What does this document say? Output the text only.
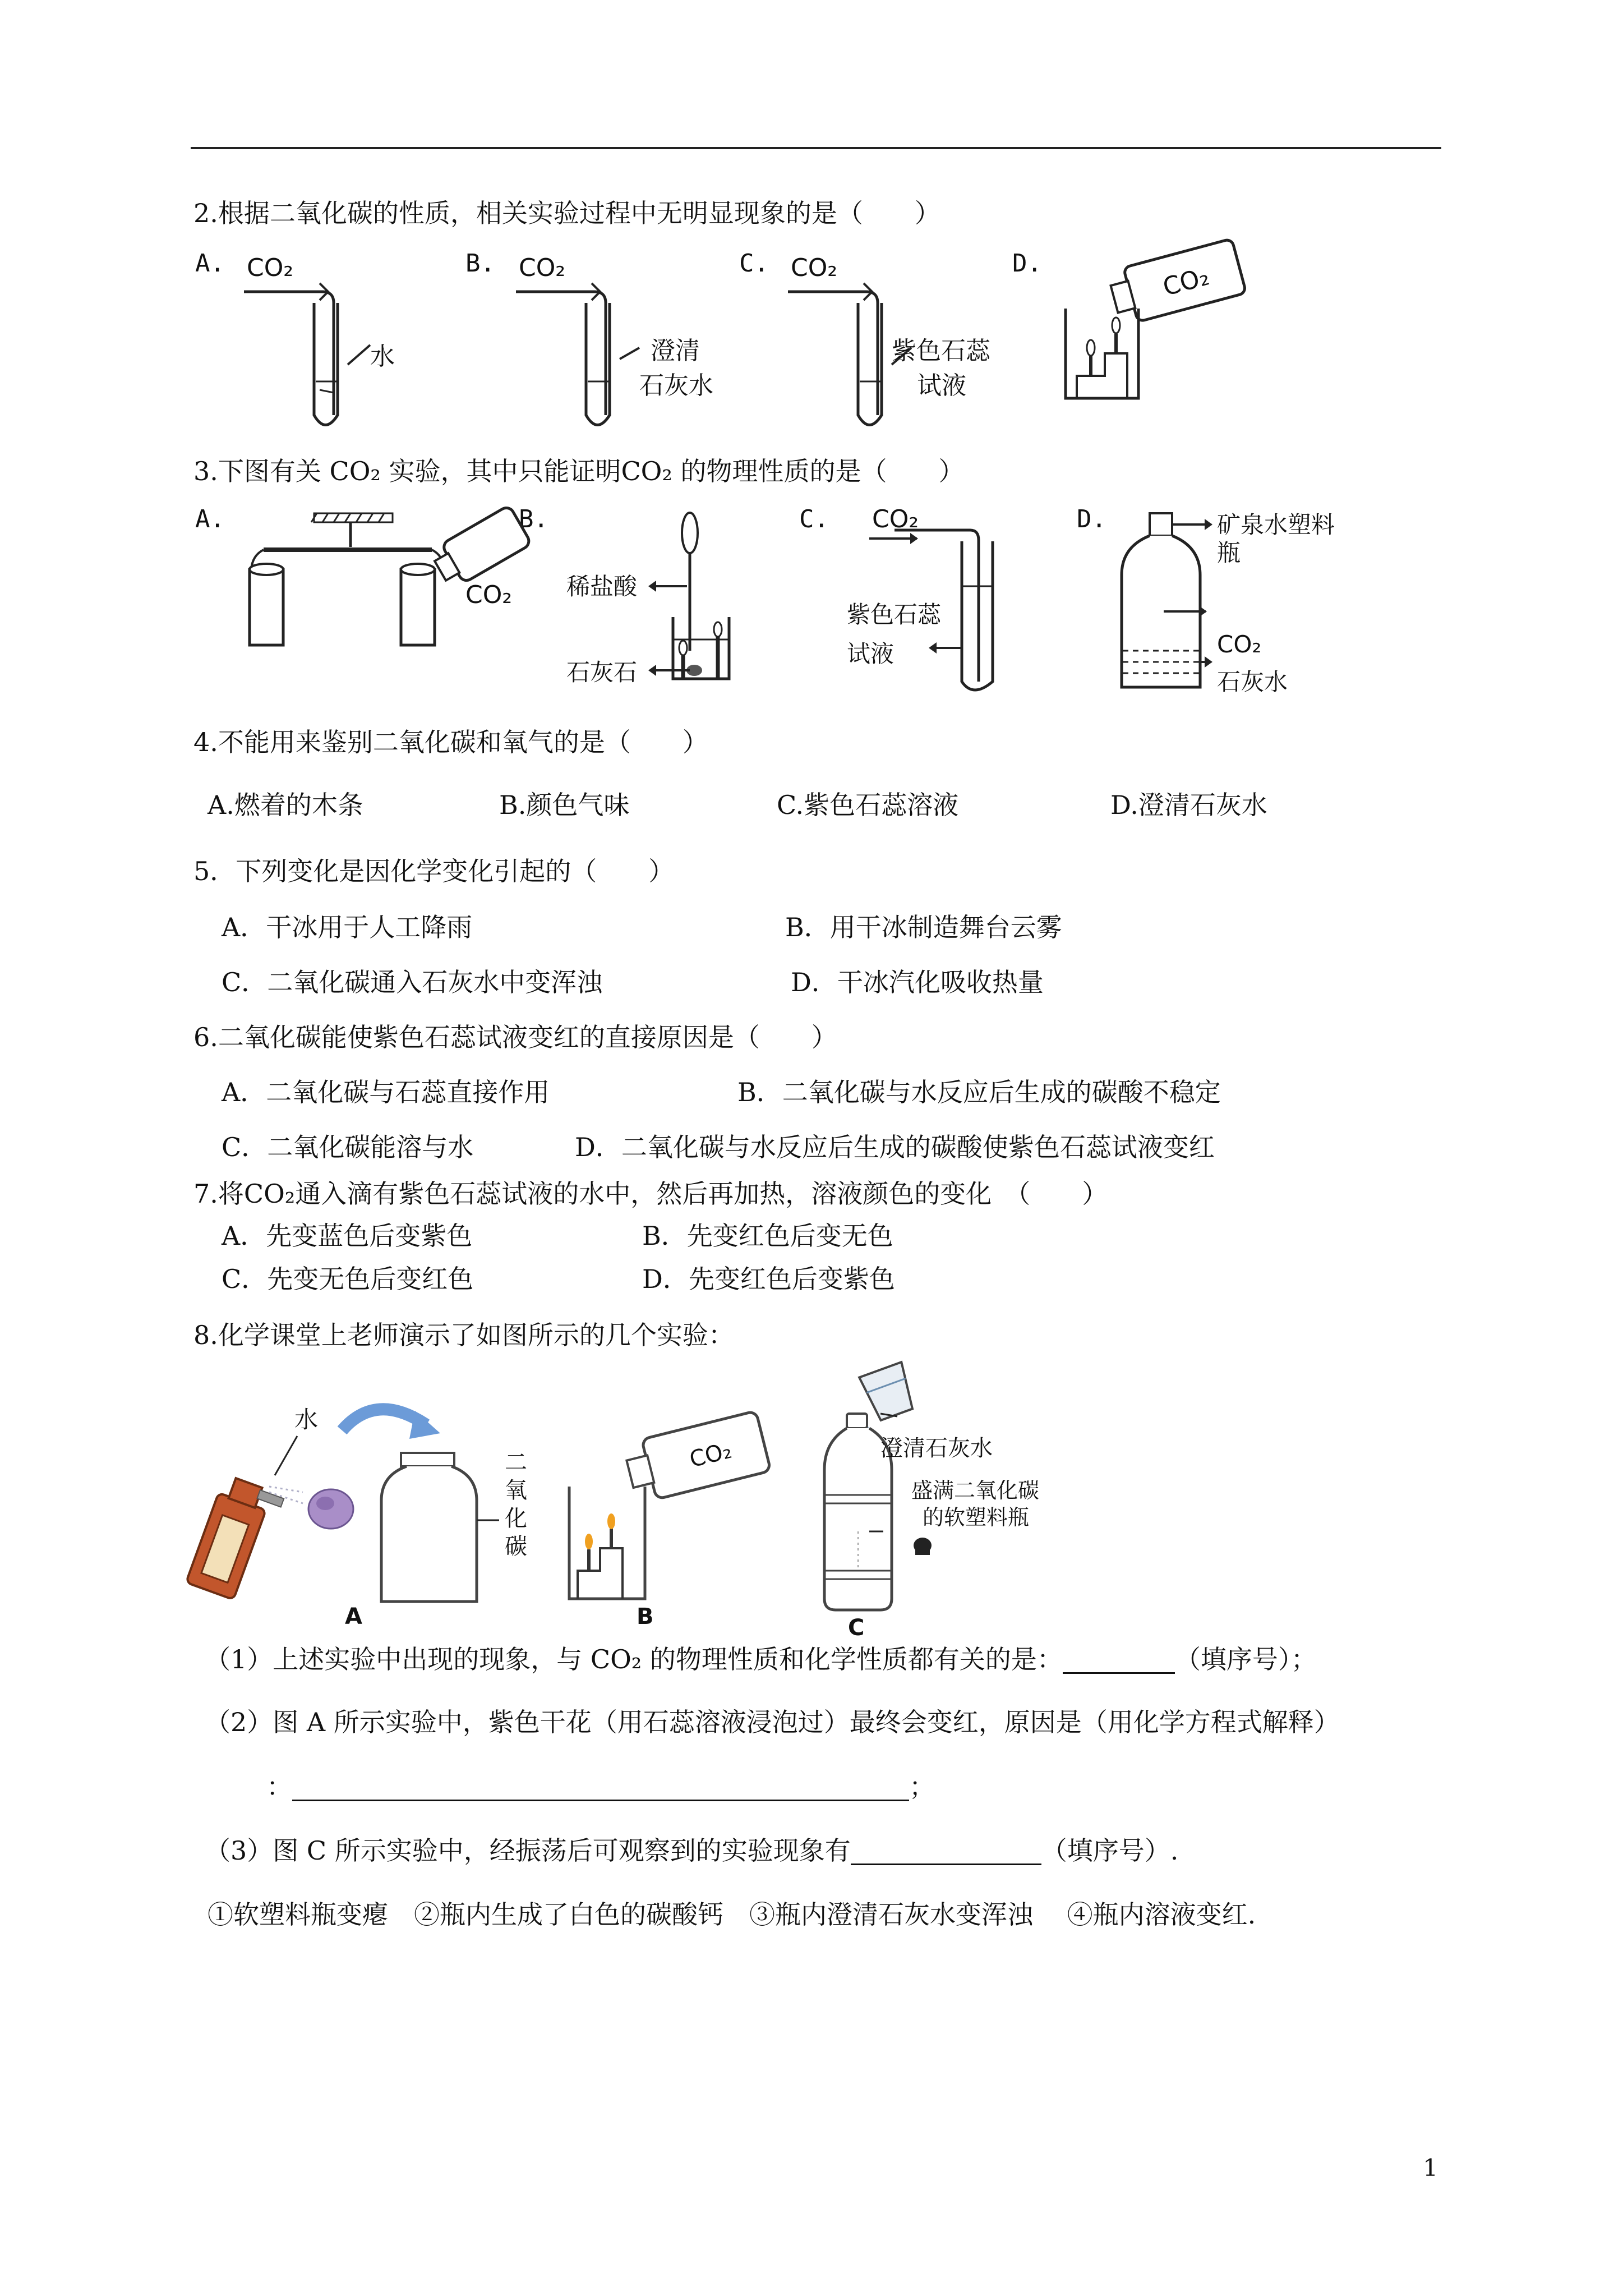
2.根据二氧化碳的性质，相关实验过程中无明显现象的是（　　）
A.	B.	C.	D.
CO₂
水
CO₂
澄清
石灰水
CO₂
紫色石蕊
试液
CO₂
3.下图有关 CO₂ 实验，其中只能证明CO₂ 的物理性质的是（　　）
A.	B.	C.	D.
CO₂ 稀盐酸
石灰石
CO₂
紫色石蕊
试液
矿泉水塑料
瓶
CO₂
石灰水
4.不能用来鉴别二氧化碳和氧气的是（　　）
A.燃着的木条	B.颜色气味	C.紫色石蕊溶液	D.澄清石灰水
5．下列变化是因化学变化引起的（　　）
A．干冰用于人工降雨	B．用干冰制造舞台云雾
C．二氧化碳通入石灰水中变浑浊	D．干冰汽化吸收热量
6.二氧化碳能使紫色石蕊试液变红的直接原因是（　　）
A．二氧化碳与石蕊直接作用	B．二氧化碳与水反应后生成的碳酸不稳定
C．二氧化碳能溶与水	D．二氧化碳与水反应后生成的碳酸使紫色石蕊试液变红
7.将CO₂通入滴有紫色石蕊试液的水中，然后再加热，溶液颜色的变化　（　　）
A．先变蓝色后变紫色	B．先变红色后变无色
C．先变无色后变红色	D．先变红色后变紫色
8.化学课堂上老师演示了如图所示的几个实验：
水
二
氧
化
碳
A
CO₂
B
澄清石灰水
盛满二氧化碳
的软塑料瓶
C
（1）上述实验中出现的现象，与 CO₂ 的物理性质和化学性质都有关的是：	（填序号）；
（2）图 A 所示实验中，紫色干花（用石蕊溶液浸泡过）最终会变红，原因是（用化学方程式解释）
：	；
（3）图 C 所示实验中，经振荡后可观察到的实验现象有	（填序号）.
①软塑料瓶变瘪　②瓶内生成了白色的碳酸钙　③瓶内澄清石灰水变浑浊　 ④瓶内溶液变红.
1
